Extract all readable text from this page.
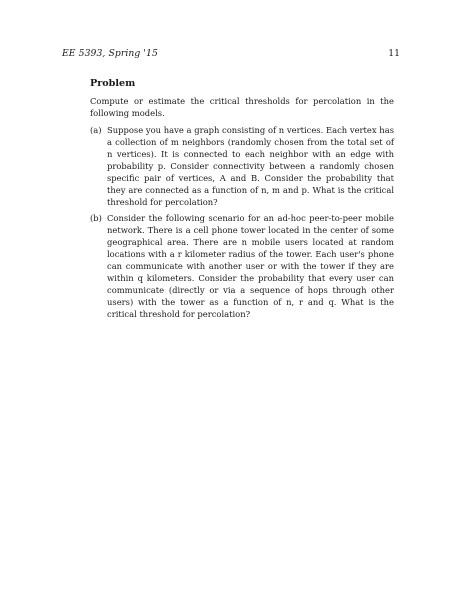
EE 5393, Spring '15	11
Problem

Compute or estimate the critical thresholds for percolation in the following models.

(a) Suppose you have a graph consisting of n vertices. Each vertex has a collection of m neighbors (randomly chosen from the total set of n vertices). It is connected to each neighbor with an edge with probability p. Consider connectivity between a randomly chosen specific pair of vertices, A and B. Consider the probability that they are connected as a function of n, m and p. What is the critical threshold for percolation?
(b) Consider the following scenario for an ad-hoc peer-to-peer mobile network. There is a cell phone tower located in the center of some geographical area. There are n mobile users located at random locations with a r kilometer radius of the tower. Each user's phone can communicate with another user or with the tower if they are within q kilometers. Consider the probability that every user can communicate (directly or via a sequence of hops through other users) with the tower as a function of n, r and q. What is the critical threshold for percolation?
